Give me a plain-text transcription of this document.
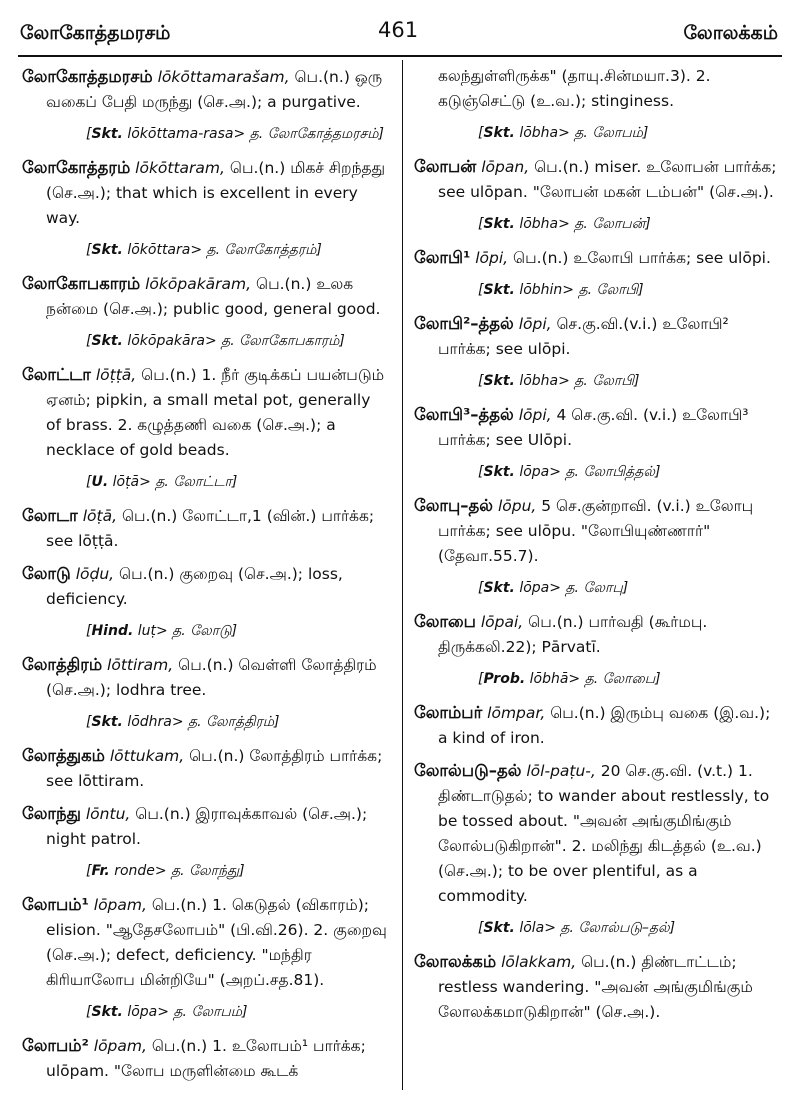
லோகோத்தமரசம்	461	லோலக்கம்

லோகோத்தமரசம் lōkōttamarašam, பெ.(n.) ஒரு வகைப் பேதி மருந்து (செ.அ.); a purgative.

[Skt. lōkōttama-rasa> த. லோகோத்தமரசம்]

லோகோத்தரம் lōkōttaram, பெ.(n.) மிகச் சிறந்தது (செ.அ.); that which is excellent in every way.

[Skt. lōkōttara> த. லோகோத்தரம்]

லோகோபகாரம் lōkōpakāram, பெ.(n.) உலக நன்மை (செ.அ.); public good, general good.

[Skt. lōkōpakāra> த. லோகோபகாரம்]

லோட்டா lōṭṭā, பெ.(n.) 1. நீர் குடிக்கப் பயன்படும் ஏனம்; pipkin, a small metal pot, generally of brass. 2. கழுத்தணி வகை (செ.அ.); a necklace of gold beads.

[U. lōṭā> த. லோட்டா]

லோடா lōṭā, பெ.(n.) லோட்டா,1 (வின்.) பார்க்க; see lōṭṭā.

லோடு lōḍu, பெ.(n.) குறைவு (செ.அ.); loss, deficiency.

[Hind. luṭ> த. லோடு]

லோத்திரம் lōttiram, பெ.(n.) வெள்ளி லோத்திரம் (செ.அ.); lodhra tree.

[Skt. lōdhra> த. லோத்திரம்]

லோத்துகம் lōttukam, பெ.(n.) லோத்திரம் பார்க்க; see lōttiram.

லோந்து lōntu, பெ.(n.) இராவுக்காவல் (செ.அ.); night patrol.

[Fr. ronde> த. லோந்து]

லோபம்¹ lōpam, பெ.(n.) 1. கெடுதல் (விகாரம்); elision. "ஆதேசலோபம்" (பி.வி.26). 2. குறைவு (செ.அ.); defect, deficiency. "மந்திர கிரியாலோப மின்றியே" (அறப்.சத.81).

[Skt. lōpa> த. லோபம்]

லோபம்² lōpam, பெ.(n.) 1. உலோபம்¹ பார்க்க; ulōpam. "லோப மருளின்மை கூடக்

கலந்துள்ளிருக்க" (தாயு.சின்மயா.3). 2. கடுஞ்செட்டு (உ.வ.); stinginess.

[Skt. lōbha> த. லோபம்]

லோபன் lōpan, பெ.(n.) miser. உலோபன் பார்க்க; see ulōpan. "லோபன் மகன் டம்பன்" (செ.அ.).

[Skt. lōbha> த. லோபன்]

லோபி¹ lōpi, பெ.(n.) உலோபி பார்க்க; see ulōpi.

[Skt. lōbhin> த. லோபி]

லோபி²–த்தல் lōpi, செ.கு.வி.(v.i.) உலோபி² பார்க்க; see ulōpi.

[Skt. lōbha> த. லோபி]

லோபி³–த்தல் lōpi, 4 செ.கு.வி. (v.i.) உலோபி³ பார்க்க; see Ulōpi.

[Skt. lōpa> த. லோபித்தல்]

லோபு–தல் lōpu, 5 செ.குன்றாவி. (v.i.) உலோபு பார்க்க; see ulōpu. "லோபியுண்ணார்" (தேவா.55.7).

[Skt. lōpa> த. லோபு]

லோபை lōpai, பெ.(n.) பார்வதி (கூர்மபு. திருக்கலி.22); Pārvatī.

[Prob. lōbhā> த. லோபை]

லோம்பர் lōmpar, பெ.(n.) இரும்பு வகை (இ.வ.); a kind of iron.

லோல்படு–தல் lōl-paṭu-, 20 செ.கு.வி. (v.t.) 1. திண்டாடுதல்; to wander about restlessly, to be tossed about. "அவன் அங்குமிங்கும் லோல்படுகிறான்". 2. மலிந்து கிடத்தல் (உ.வ.) (செ.அ.); to be over plentiful, as a commodity.

[Skt. lōla> த. லோல்படு–தல்]

லோலக்கம் lōlakkam, பெ.(n.) திண்டாட்டம்; restless wandering. "அவன் அங்குமிங்கும் லோலக்கமாடுகிறான்" (செ.அ.).
